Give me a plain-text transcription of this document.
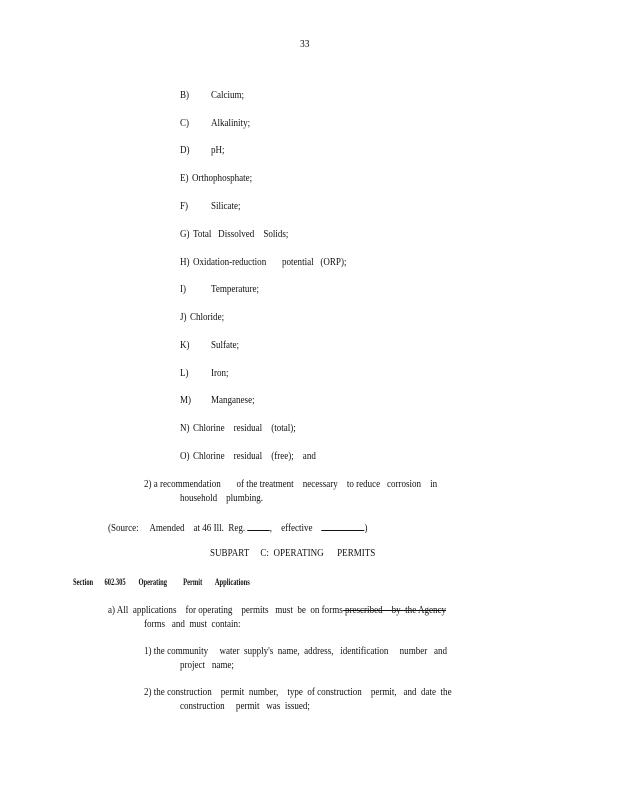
33
B) Calcium;
C) Alkalinity;
D) pH;
E) Orthophosphate;
F) Silicate;
G) Total   Dissolved    Solids;
H) Oxidation-reduction       potential   (ORP);
I) Temperature;
J) Chloride;
K) Sulfate;
L) Iron;
M) Manganese;
N) Chlorine    residual    (total);
O) Chlorine    residual    (free);    and
2) a recommendation       of the treatment    necessary    to reduce   corrosion    in
household    plumbing.
(Source:     Amended    at 46 Ill.  Reg. ,    effective	)
SUBPART     C:  OPERATING      PERMITS
Section       602.305        Operating          Permit        Applications
a) All  applications    for operating    permits   must  be  on forms prescribed    by  the Agency
forms   and  must  contain:
1) the community     water  supply's  name,  address,   identification     number   and
project   name;
2) the construction    permit  number,    type  of construction    permit,   and  date  the
construction     permit   was  issued;
